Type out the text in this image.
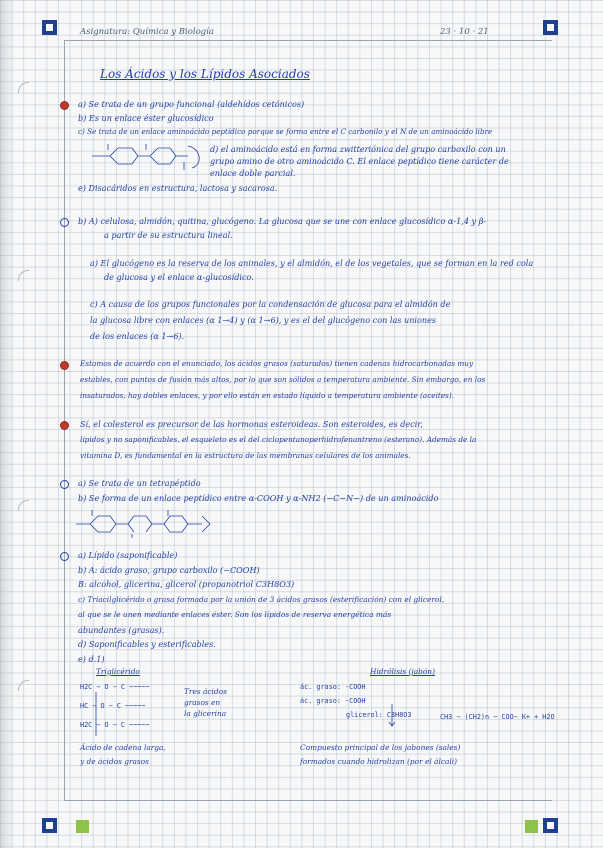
Asignatura: Química y Biología	23 · 10 · 21

Los Ácidos y los Lípidos Asociados

a) Se trata de un grupo funcional (aldehídos cetónicos)

b) Es un enlace éster glucosídico

c) Se trata de un enlace aminoácido peptídico porque se forma entre el C carbonilo y el N de un aminoácido libre

d) el aminoácido está en forma zwitteriónica del grupo carboxilo con un

grupo amino de otro aminoácido C. El enlace peptídico tiene carácter de

enlace doble parcial.

e) Disacáridos en estructura, lactosa y sacarosa.

b) A) celulosa, almidón, quitina, glucógeno. La glucosa que se une con enlace glucosídico α-1,4 y β-

a partir de su estructura lineal.

a) El glucógeno es la reserva de los animales, y el almidón, el de los vegetales, que se forman en la red cola

de glucosa y el enlace α-glucosídico.

c) A causa de los grupos funcionales por la condensación de glucosa para el almidón de

la glucosa libre con enlaces (α 1→4) y (α 1→6), y es el del glucógeno con las uniones

de los enlaces (α 1→6).

Estamos de acuerdo con el enunciado, los ácidos grasos (saturados) tienen cadenas hidrocarbonadas muy

estables, con puntos de fusión más altos, por lo que son sólidos a temperatura ambiente. Sin embargo, en los

insaturados, hay dobles enlaces, y por ello están en estado líquido a temperatura ambiente (aceites).

Sí, el colesterol es precursor de las hormonas esteroideas. Son esteroides, es decir,

lípidos y no saponificables, el esqueleto es el del ciclopentanoperhidrofenantreno (esterano). Además de la

vitamina D, es fundamental en la estructura de las membranas celulares de los animales.

a) Se trata de un tetrapéptido

b) Se forma de un enlace peptídico entre α-COOH y α-NH2 (−C−N−) de un aminoácido

a) Lípido (saponificable)

b) A: ácido graso, grupo carboxilo (−COOH)

B: alcohol, glicerina, glicerol (propanotriol C3H8O3)

c) Triacilglicérido o grasa formada por la unión de 3 ácidos grasos (esterificación) con el glicerol,

al que se le unen mediante enlaces éster. Son los lípidos de reserva energética más

abundantes (grasas).

d) Saponificables y esterificables.

e) d.1)

Triglicérido

H2C − O − C ~~~~~

HC − O − C ~~~~~

H2C − O − C ~~~~~

Tres ácidos

grasos en

la glicerina

Hidrólisis (jabón)

ác. graso: -COOH

ác. graso: -COOH

glicerol: C3H8O3	CH3 − (CH2)n − COO− K+ + H2O

Ácido de cadena larga,

y de ácidos grasos

Compuesto principal de los jabones (sales)

formados cuando hidrolizan (por el álcali)
